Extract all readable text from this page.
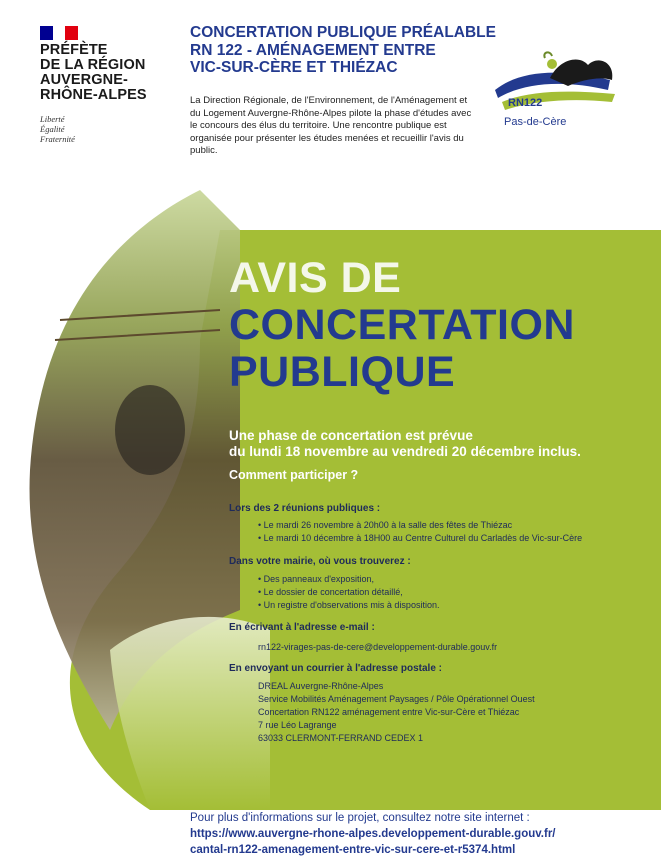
PRÉFÈTE
DE LA RÉGION
AUVERGNE-
RHÔNE-ALPES
Liberté
Égalité
Fraternité
CONCERTATION PUBLIQUE PRÉALABLE
RN 122 - AMÉNAGEMENT ENTRE
VIC-SUR-CÈRE ET THIÉZAC
La Direction Régionale, de l'Environnement, de l'Aménagement et du Logement Auvergne-Rhône-Alpes pilote la phase d'études avec le concours des élus du territoire. Une rencontre publique est organisée pour présenter les études menées et recueillir l'avis du public.
RN122
Pas-de-Cère
AVIS DE
CONCERTATION
PUBLIQUE
Une phase de concertation est prévue
du lundi 18 novembre au vendredi 20 décembre inclus.
Comment participer ?
Lors des 2 réunions publiques :
• Le mardi 26 novembre à 20h00 à la salle des fêtes de Thiézac
• Le mardi 10 décembre à 18H00 au Centre Culturel du Carladès de Vic-sur-Cère
Dans votre mairie, où vous trouverez :
• Des panneaux d'exposition,
• Le dossier de concertation détaillé,
• Un registre d'observations mis à disposition.
En écrivant à l'adresse e-mail :
rn122-virages-pas-de-cere@developpement-durable.gouv.fr
En envoyant un courrier à l'adresse postale :
DREAL Auvergne-Rhône-Alpes
Service Mobilités Aménagement Paysages / Pôle Opérationnel Ouest
Concertation RN122 aménagement entre Vic-sur-Cère et Thiézac
7 rue Léo Lagrange
63033 CLERMONT-FERRAND CEDEX 1
Pour plus d'informations sur le projet, consultez notre site internet :
https://www.auvergne-rhone-alpes.developpement-durable.gouv.fr/
cantal-rn122-amenagement-entre-vic-sur-cere-et-r5374.html
